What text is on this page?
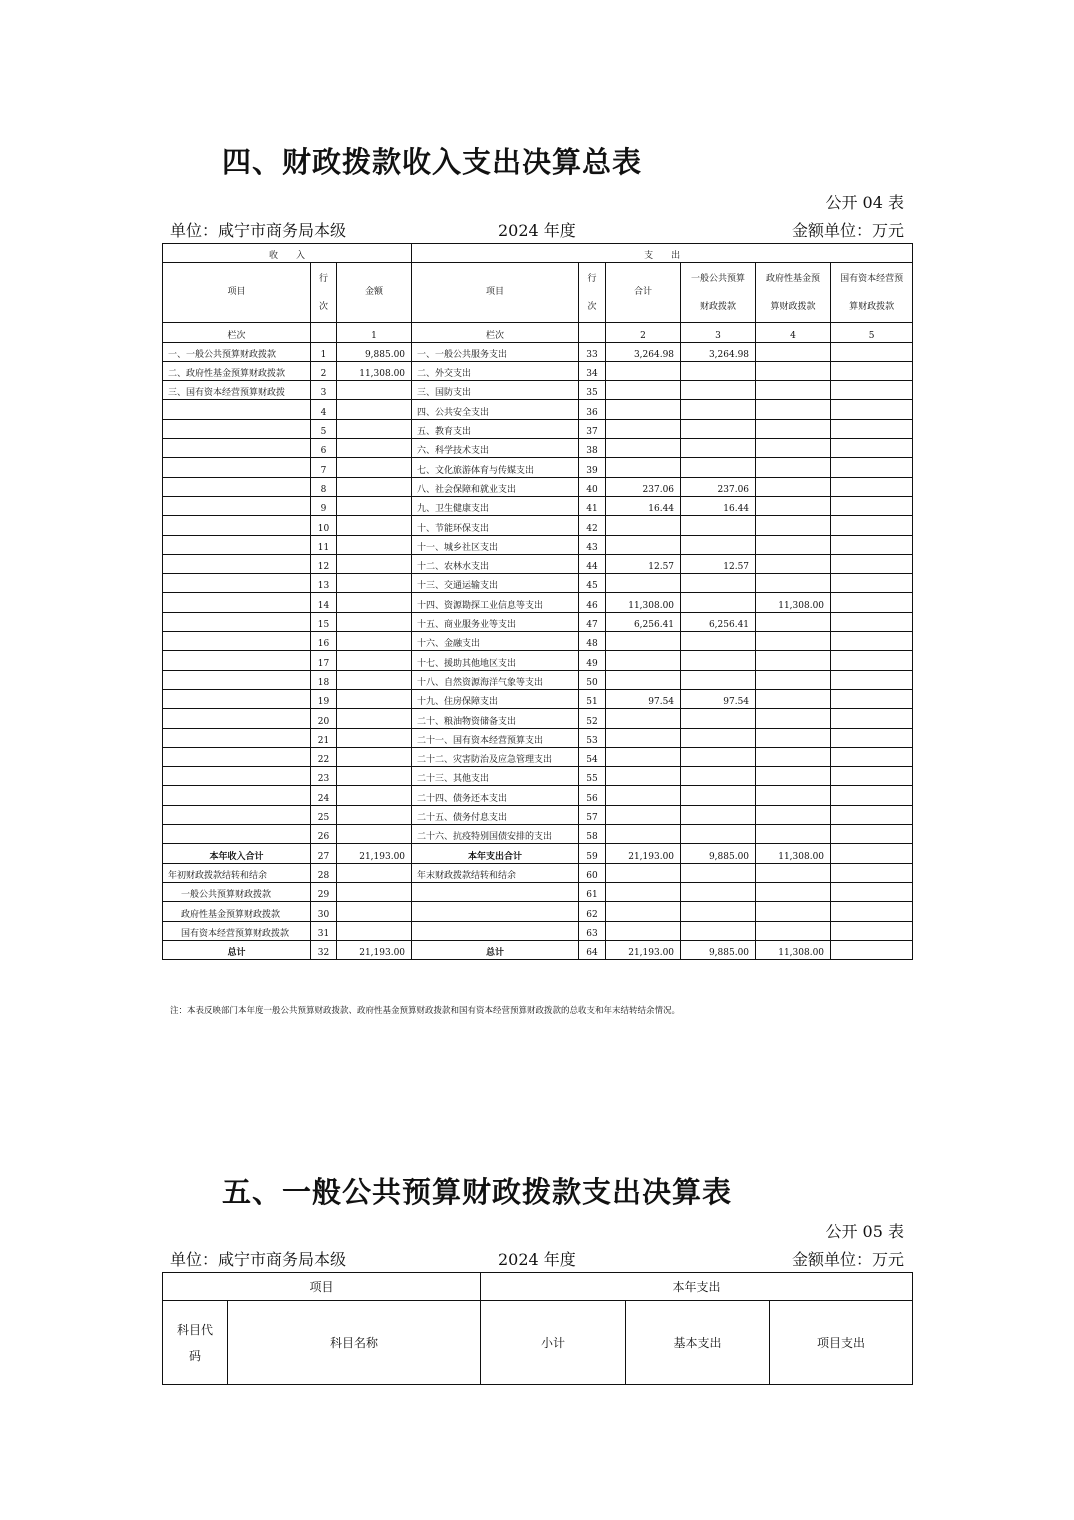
四、财政拨款收入支出决算总表
公开 04 表
单位：咸宁市商务局本级	2024 年度	金额单位：万元
收　　入			支　　出					
项目	行次	金额	项目	行次	合计	一般公共预算财政拨款	政府性基金预算财政拨款	国有资本经营预算财政拨款
栏次		1	栏次		2	3	4	5
一、一般公共预算财政拨款	1	9,885.00	一、一般公共服务支出	33	3,264.98	3,264.98		
二、政府性基金预算财政拨款	2	11,308.00	二、外交支出	34				
三、国有资本经营预算财政拨	3		三、国防支出	35				
	4		四、公共安全支出	36				
	5		五、教育支出	37				
	6		六、科学技术支出	38				
	7		七、文化旅游体育与传媒支出	39				
	8		八、社会保障和就业支出	40	237.06	237.06		
	9		九、卫生健康支出	41	16.44	16.44		
	10		十、节能环保支出	42				
	11		十一、城乡社区支出	43				
	12		十二、农林水支出	44	12.57	12.57		
	13		十三、交通运输支出	45				
	14		十四、资源勘探工业信息等支出	46	11,308.00		11,308.00	
	15		十五、商业服务业等支出	47	6,256.41	6,256.41		
	16		十六、金融支出	48				
	17		十七、援助其他地区支出	49				
	18		十八、自然资源海洋气象等支出	50				
	19		十九、住房保障支出	51	97.54	97.54		
	20		二十、粮油物资储备支出	52				
	21		二十一、国有资本经营预算支出	53				
	22		二十二、灾害防治及应急管理支出	54				
	23		二十三、其他支出	55				
	24		二十四、债务还本支出	56				
	25		二十五、债务付息支出	57				
	26		二十六、抗疫特别国债安排的支出	58				
本年收入合计	27	21,193.00	本年支出合计	59	21,193.00	9,885.00	11,308.00	
年初财政拨款结转和结余	28		年末财政拨款结转和结余	60				
一般公共预算财政拨款	29			61				
政府性基金预算财政拨款	30			62				
国有资本经营预算财政拨款	31			63				
总计	32	21,193.00	总计	64	21,193.00	9,885.00	11,308.00	
注：本表反映部门本年度一般公共预算财政拨款、政府性基金预算财政拨款和国有资本经营预算财政拨款的总收支和年末结转结余情况。
五、一般公共预算财政拨款支出决算表
公开 05 表
单位：咸宁市商务局本级	2024 年度	金额单位：万元
项目		本年支出		
科目代码	科目名称	小计	基本支出	项目支出
